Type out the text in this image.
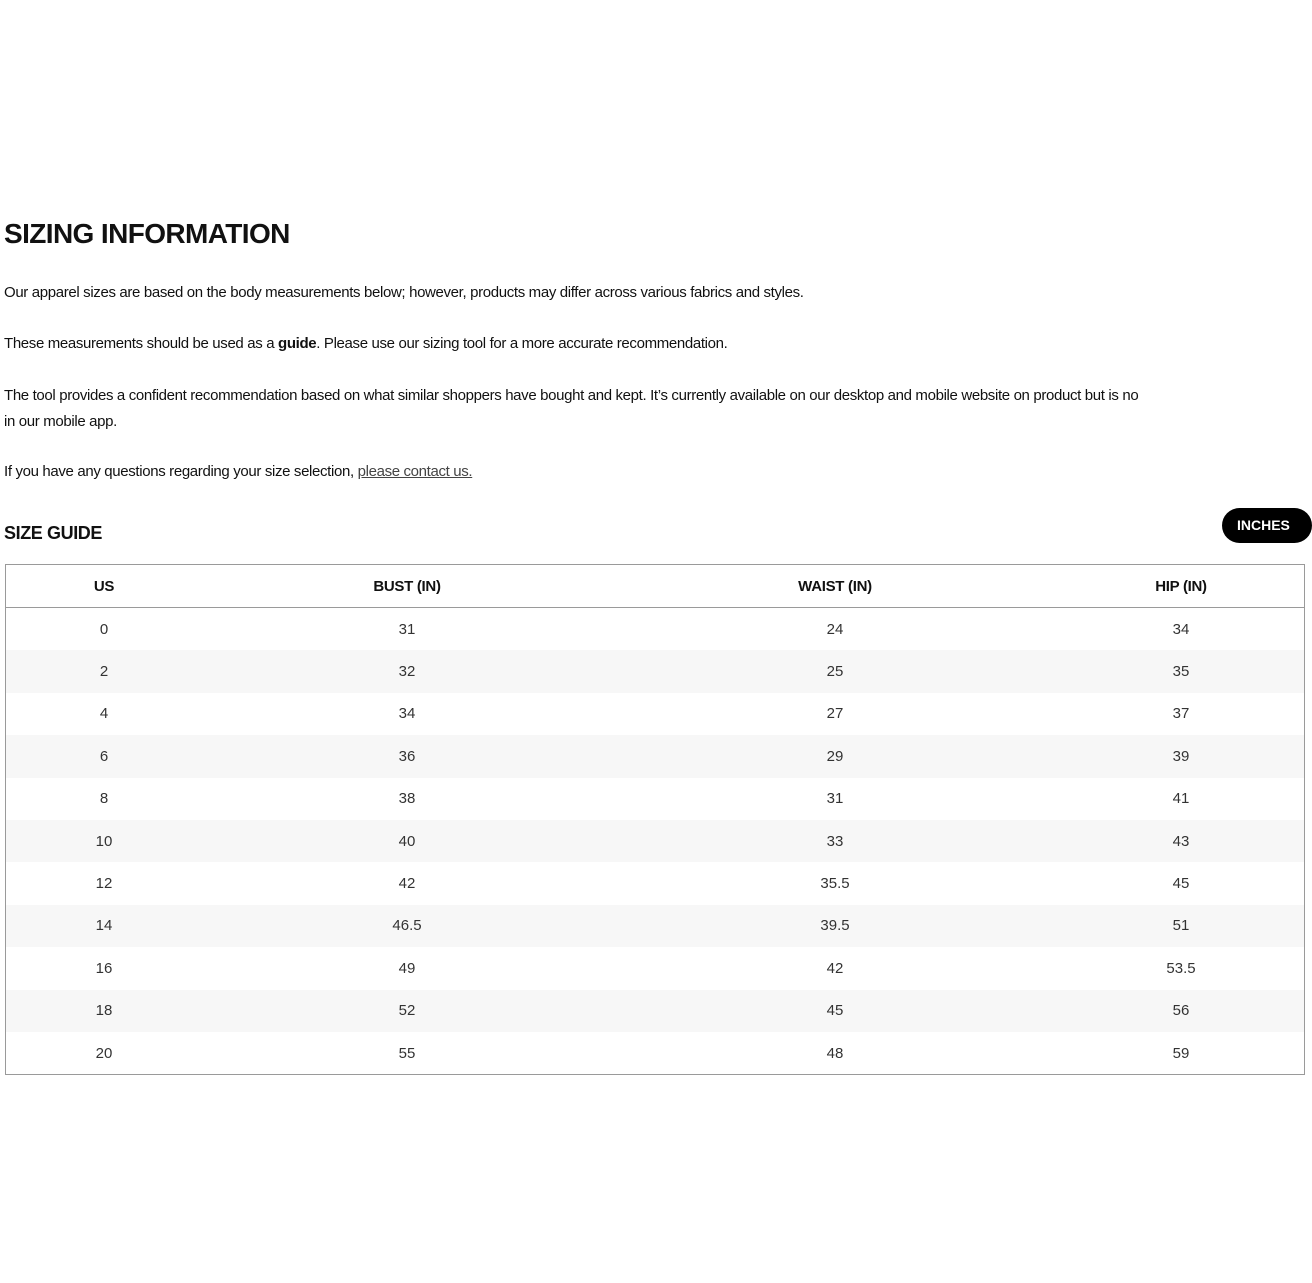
SIZING INFORMATION

Our apparel sizes are based on the body measurements below; however, products may differ across various fabrics and styles.

These measurements should be used as a guide. Please use our sizing tool for a more accurate recommendation.

The tool provides a confident recommendation based on what similar shoppers have bought and kept. It’s currently available on our desktop and mobile website on product but is no

in our mobile app.

If you have any questions regarding your size selection, please contact us.

SIZE GUIDE	INCHES
US	BUST (IN)	WAIST (IN)	HIP (IN)
0	31	24	34
2	32	25	35
4	34	27	37
6	36	29	39
8	38	31	41
10	40	33	43
12	42	35.5	45
14	46.5	39.5	51
16	49	42	53.5
18	52	45	56
20	55	48	59
